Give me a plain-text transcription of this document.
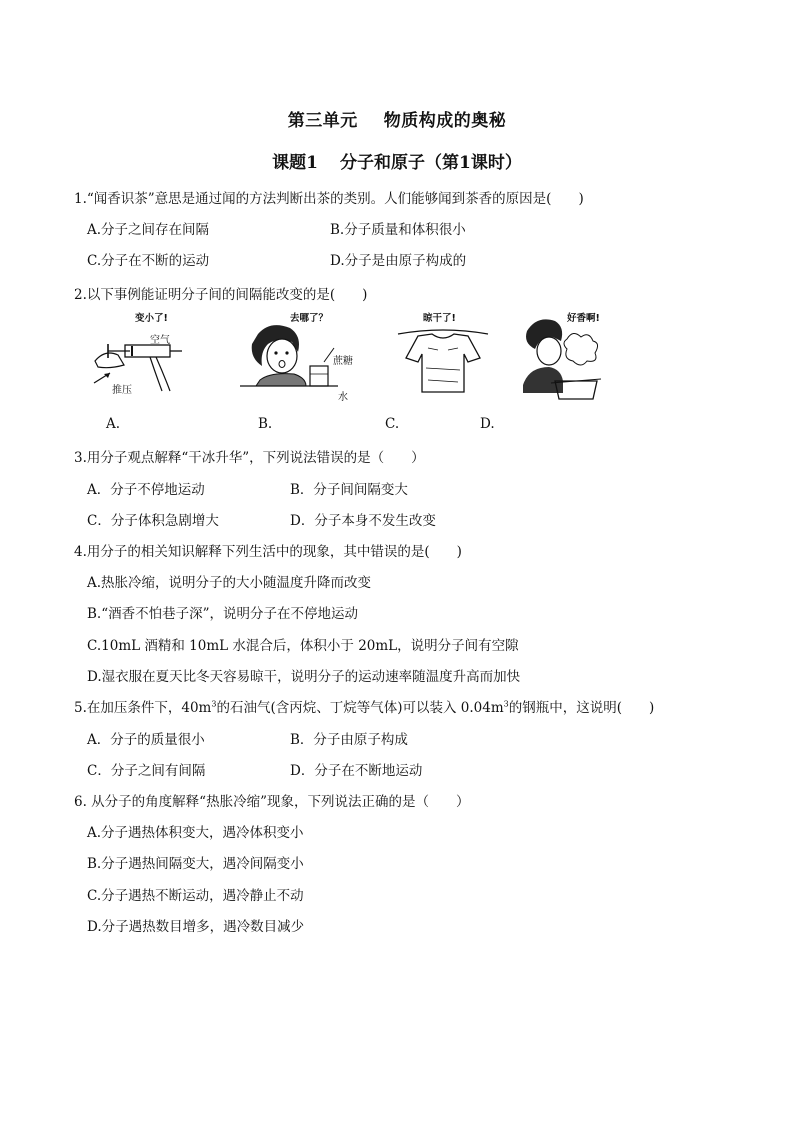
第三单元 物质构成的奥秘
课题1 分子和原子（第1课时）
1.“闻香识茶”意思是通过闻的方法判断出茶的类别。人们能够闻到茶香的原因是(　　)
A.分子之间存在间隔	B.分子质量和体积很小
C.分子在不断的运动	D.分子是由原子构成的
2.以下事例能证明分子间的间隔能改变的是(　　)
变小了!
空气
推压
去哪了？
蔗糖
水
晾干了!	好香啊!
A.	B.	C.	D.
3.用分子观点解释“干冰升华”，下列说法错误的是（　　）
A．分子不停地运动	B．分子间间隔变大
C．分子体积急剧增大	D．分子本身不发生改变
4.用分子的相关知识解释下列生活中的现象，其中错误的是(　　)
A.热胀冷缩，说明分子的大小随温度升降而改变
B.“酒香不怕巷子深”，说明分子在不停地运动
C.10mL 酒精和 10mL 水混合后，体积小于 20mL，说明分子间有空隙
D.湿衣服在夏天比冬天容易晾干，说明分子的运动速率随温度升高而加快
5.在加压条件下，$40m^3$的石油气(含丙烷、丁烷等气体)可以装入 $0.04m^3$的钢瓶中，这说明(　　)
A．分子的质量很小	B．分子由原子构成
C．分子之间有间隔	D．分子在不断地运动
6. 从分子的角度解释“热胀冷缩”现象，下列说法正确的是（　　）
A.分子遇热体积变大，遇冷体积变小
B.分子遇热间隔变大，遇冷间隔变小
C.分子遇热不断运动，遇冷静止不动
D.分子遇热数目增多，遇冷数目减少
